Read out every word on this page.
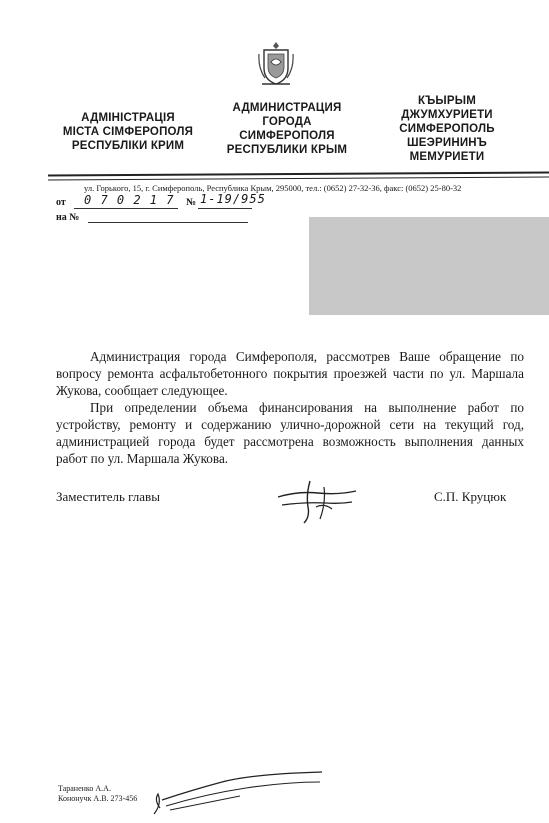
АДМІНІСТРАЦІЯ
МІСТА СІМФЕРОПОЛЯ
РЕСПУБЛІКИ КРИМ
АДМИНИСТРАЦИЯ
ГОРОДА
СИМФЕРОПОЛЯ
РЕСПУБЛИКИ КРЫМ
КЪЫРЫМ
ДЖУМХУРИЕТИ
СИМФЕРОПОЛЬ
ШЕЭРИНИНЪ
МЕМУРИЕТИ
ул. Горького, 15, г. Симферополь, Республика Крым, 295000, тел.: (0652) 27-32-36, факс: (0652) 25-80-32
от 0 7 0 2 1 7 № 1-19/955
на №

Администрация города Симферополя, рассмотрев Ваше обращение по вопросу ремонта асфальтобетонного покрытия проезжей части по ул. Маршала Жукова, сообщает следующее.

При определении объема финансирования на выполнение работ по устройству, ремонту и содержанию улично-дорожной сети на текущий год, администрацией города будет рассмотрена возможность выполнения данных работ по ул. Маршала Жукова.

Заместитель главы	С.П. Круцюк
Тараненко А.А.
Кононучк А.В. 273-456
